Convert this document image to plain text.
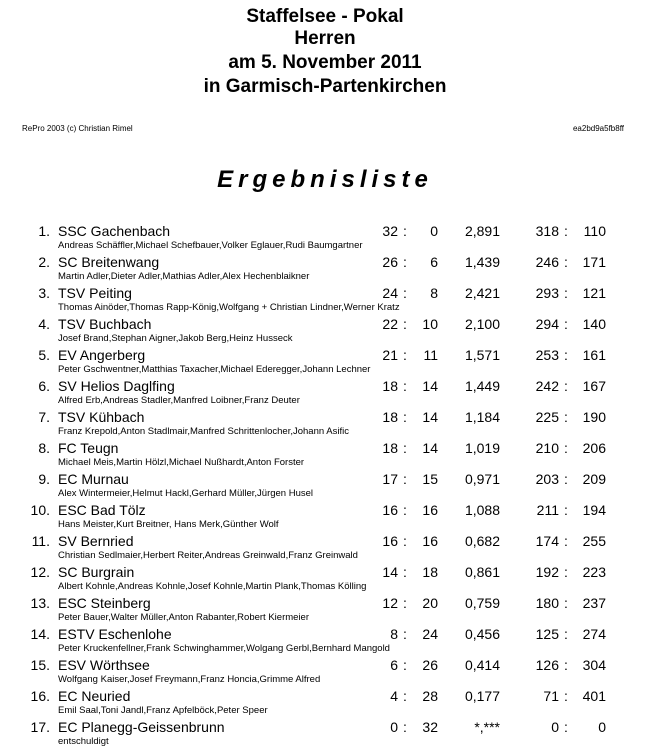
Staffelsee - Pokal
Herren
am 5. November 2011
in Garmisch-Partenkirchen
RePro 2003 (c) Christian Rimel	ea2bd9a5fb8ff
Ergebnisliste
1. SSC Gachenbach	32 :	0	2,891	318 :	110
Andreas Schäffler,Michael Schefbauer,Volker Eglauer,Rudi Baumgartner
2. SC Breitenwang	26 :	6	1,439	246 :	171
Martin Adler,Dieter Adler,Mathias Adler,Alex Hechenblaikner
3. TSV Peiting	24 :	8	2,421	293 :	121
Thomas Ainöder,Thomas Rapp-König,Wolfgang + Christian Lindner,Werner Kratz
4. TSV Buchbach	22 :	10	2,100	294 :	140
Josef Brand,Stephan Aigner,Jakob Berg,Heinz Husseck
5. EV Angerberg	21 :	11	1,571	253 :	161
Peter Gschwentner,Matthias Taxacher,Michael Ederegger,Johann Lechner
6. SV Helios Daglfing	18 :	14	1,449	242 :	167
Alfred Erb,Andreas Stadler,Manfred Loibner,Franz Deuter
7. TSV Kühbach	18 :	14	1,184	225 :	190
Franz Krepold,Anton Stadlmair,Manfred Schrittenlocher,Johann Asific
8. FC Teugn	18 :	14	1,019	210 :	206
Michael Meis,Martin Hölzl,Michael Nußhardt,Anton Forster
9. EC Murnau	17 :	15	0,971	203 :	209
Alex Wintermeier,Helmut Hackl,Gerhard Müller,Jürgen Husel
10. ESC Bad Tölz	16 :	16	1,088	211 :	194
Hans Meister,Kurt Breitner, Hans Merk,Günther Wolf
11. SV Bernried	16 :	16	0,682	174 :	255
Christian Sedlmaier,Herbert Reiter,Andreas Greinwald,Franz Greinwald
12. SC Burgrain	14 :	18	0,861	192 :	223
Albert Kohnle,Andreas Kohnle,Josef Kohnle,Martin Plank,Thomas Kölling
13. ESC Steinberg	12 :	20	0,759	180 :	237
Peter Bauer,Walter Müller,Anton Rabanter,Robert Kiermeier
14. ESTV Eschenlohe	8 :	24	0,456	125 :	274
Peter Kruckenfellner,Frank Schwinghammer,Wolgang Gerbl,Bernhard Mangold
15. ESV Wörthsee	6 :	26	0,414	126 :	304
Wolfgang Kaiser,Josef Freymann,Franz Honcia,Grimme Alfred
16. EC Neuried	4 :	28	0,177	71 :	401
Emil Saal,Toni Jandl,Franz Apfelböck,Peter Speer
17. EC Planegg-Geissenbrunn	0 :	32	*,***	0 :	0
entschuldigt
